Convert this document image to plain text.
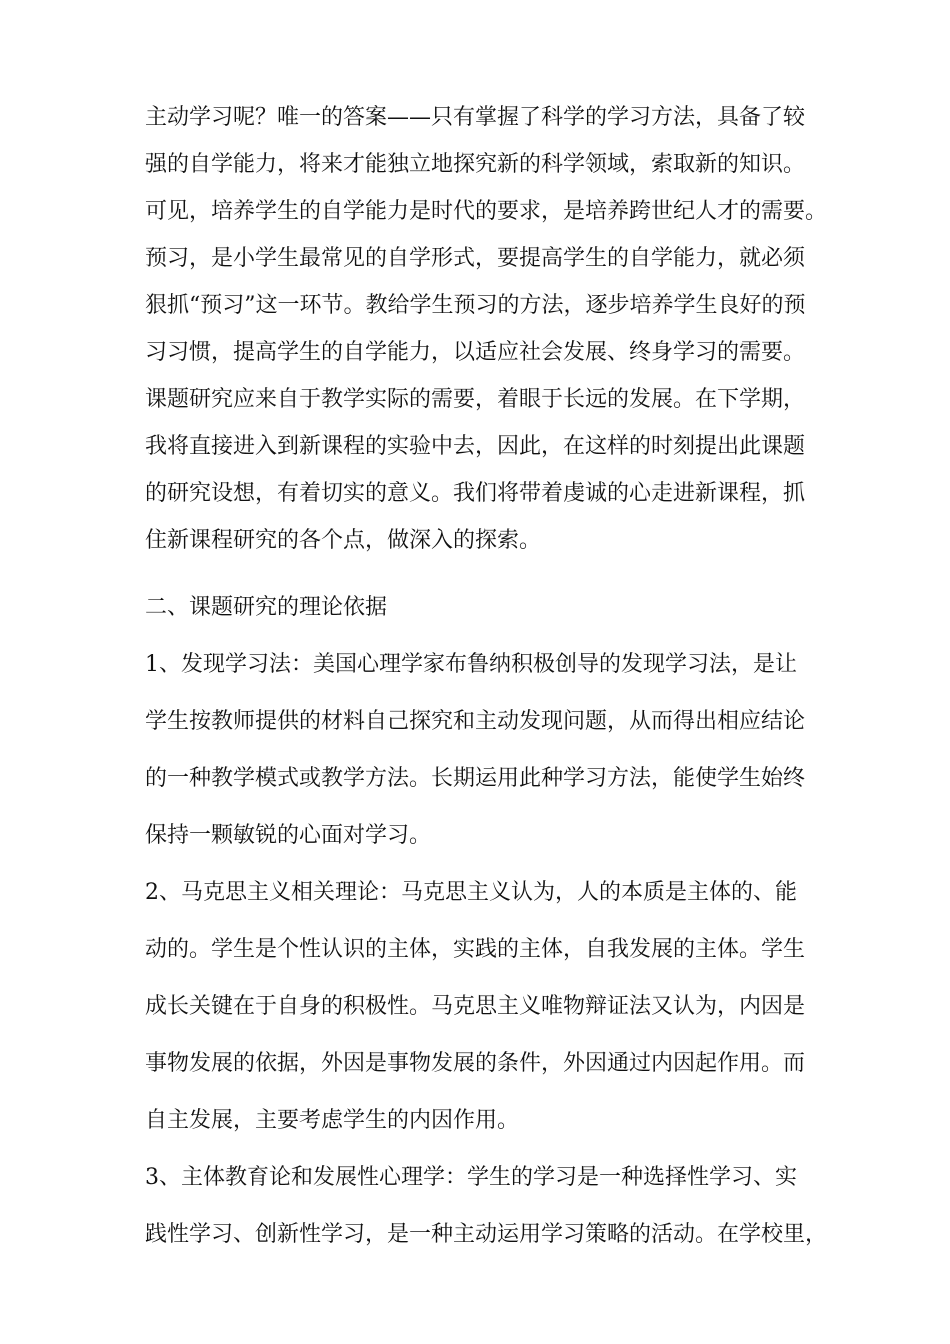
主动学习呢？唯一的答案——只有掌握了科学的学习方法，具备了较
强的自学能力，将来才能独立地探究新的科学领域，索取新的知识。
可见，培养学生的自学能力是时代的要求，是培养跨世纪人才的需要。
预习，是小学生最常见的自学形式，要提高学生的自学能力，就必须
狠抓“预习”这一环节。教给学生预习的方法，逐步培养学生良好的预
习习惯，提高学生的自学能力，以适应社会发展、终身学习的需要。
课题研究应来自于教学实际的需要，着眼于长远的发展。在下学期，
我将直接进入到新课程的实验中去，因此，在这样的时刻提出此课题
的研究设想，有着切实的意义。我们将带着虔诚的心走进新课程，抓
住新课程研究的各个点，做深入的探索。
二、课题研究的理论依据
1、发现学习法：美国心理学家布鲁纳积极创导的发现学习法，是让
学生按教师提供的材料自己探究和主动发现问题，从而得出相应结论
的一种教学模式或教学方法。长期运用此种学习方法，能使学生始终
保持一颗敏锐的心面对学习。
2、马克思主义相关理论：马克思主义认为，人的本质是主体的、能
动的。学生是个性认识的主体，实践的主体，自我发展的主体。学生
成长关键在于自身的积极性。马克思主义唯物辩证法又认为，内因是
事物发展的依据，外因是事物发展的条件，外因通过内因起作用。而
自主发展，主要考虑学生的内因作用。
3、主体教育论和发展性心理学：学生的学习是一种选择性学习、实
践性学习、创新性学习，是一种主动运用学习策略的活动。在学校里，
